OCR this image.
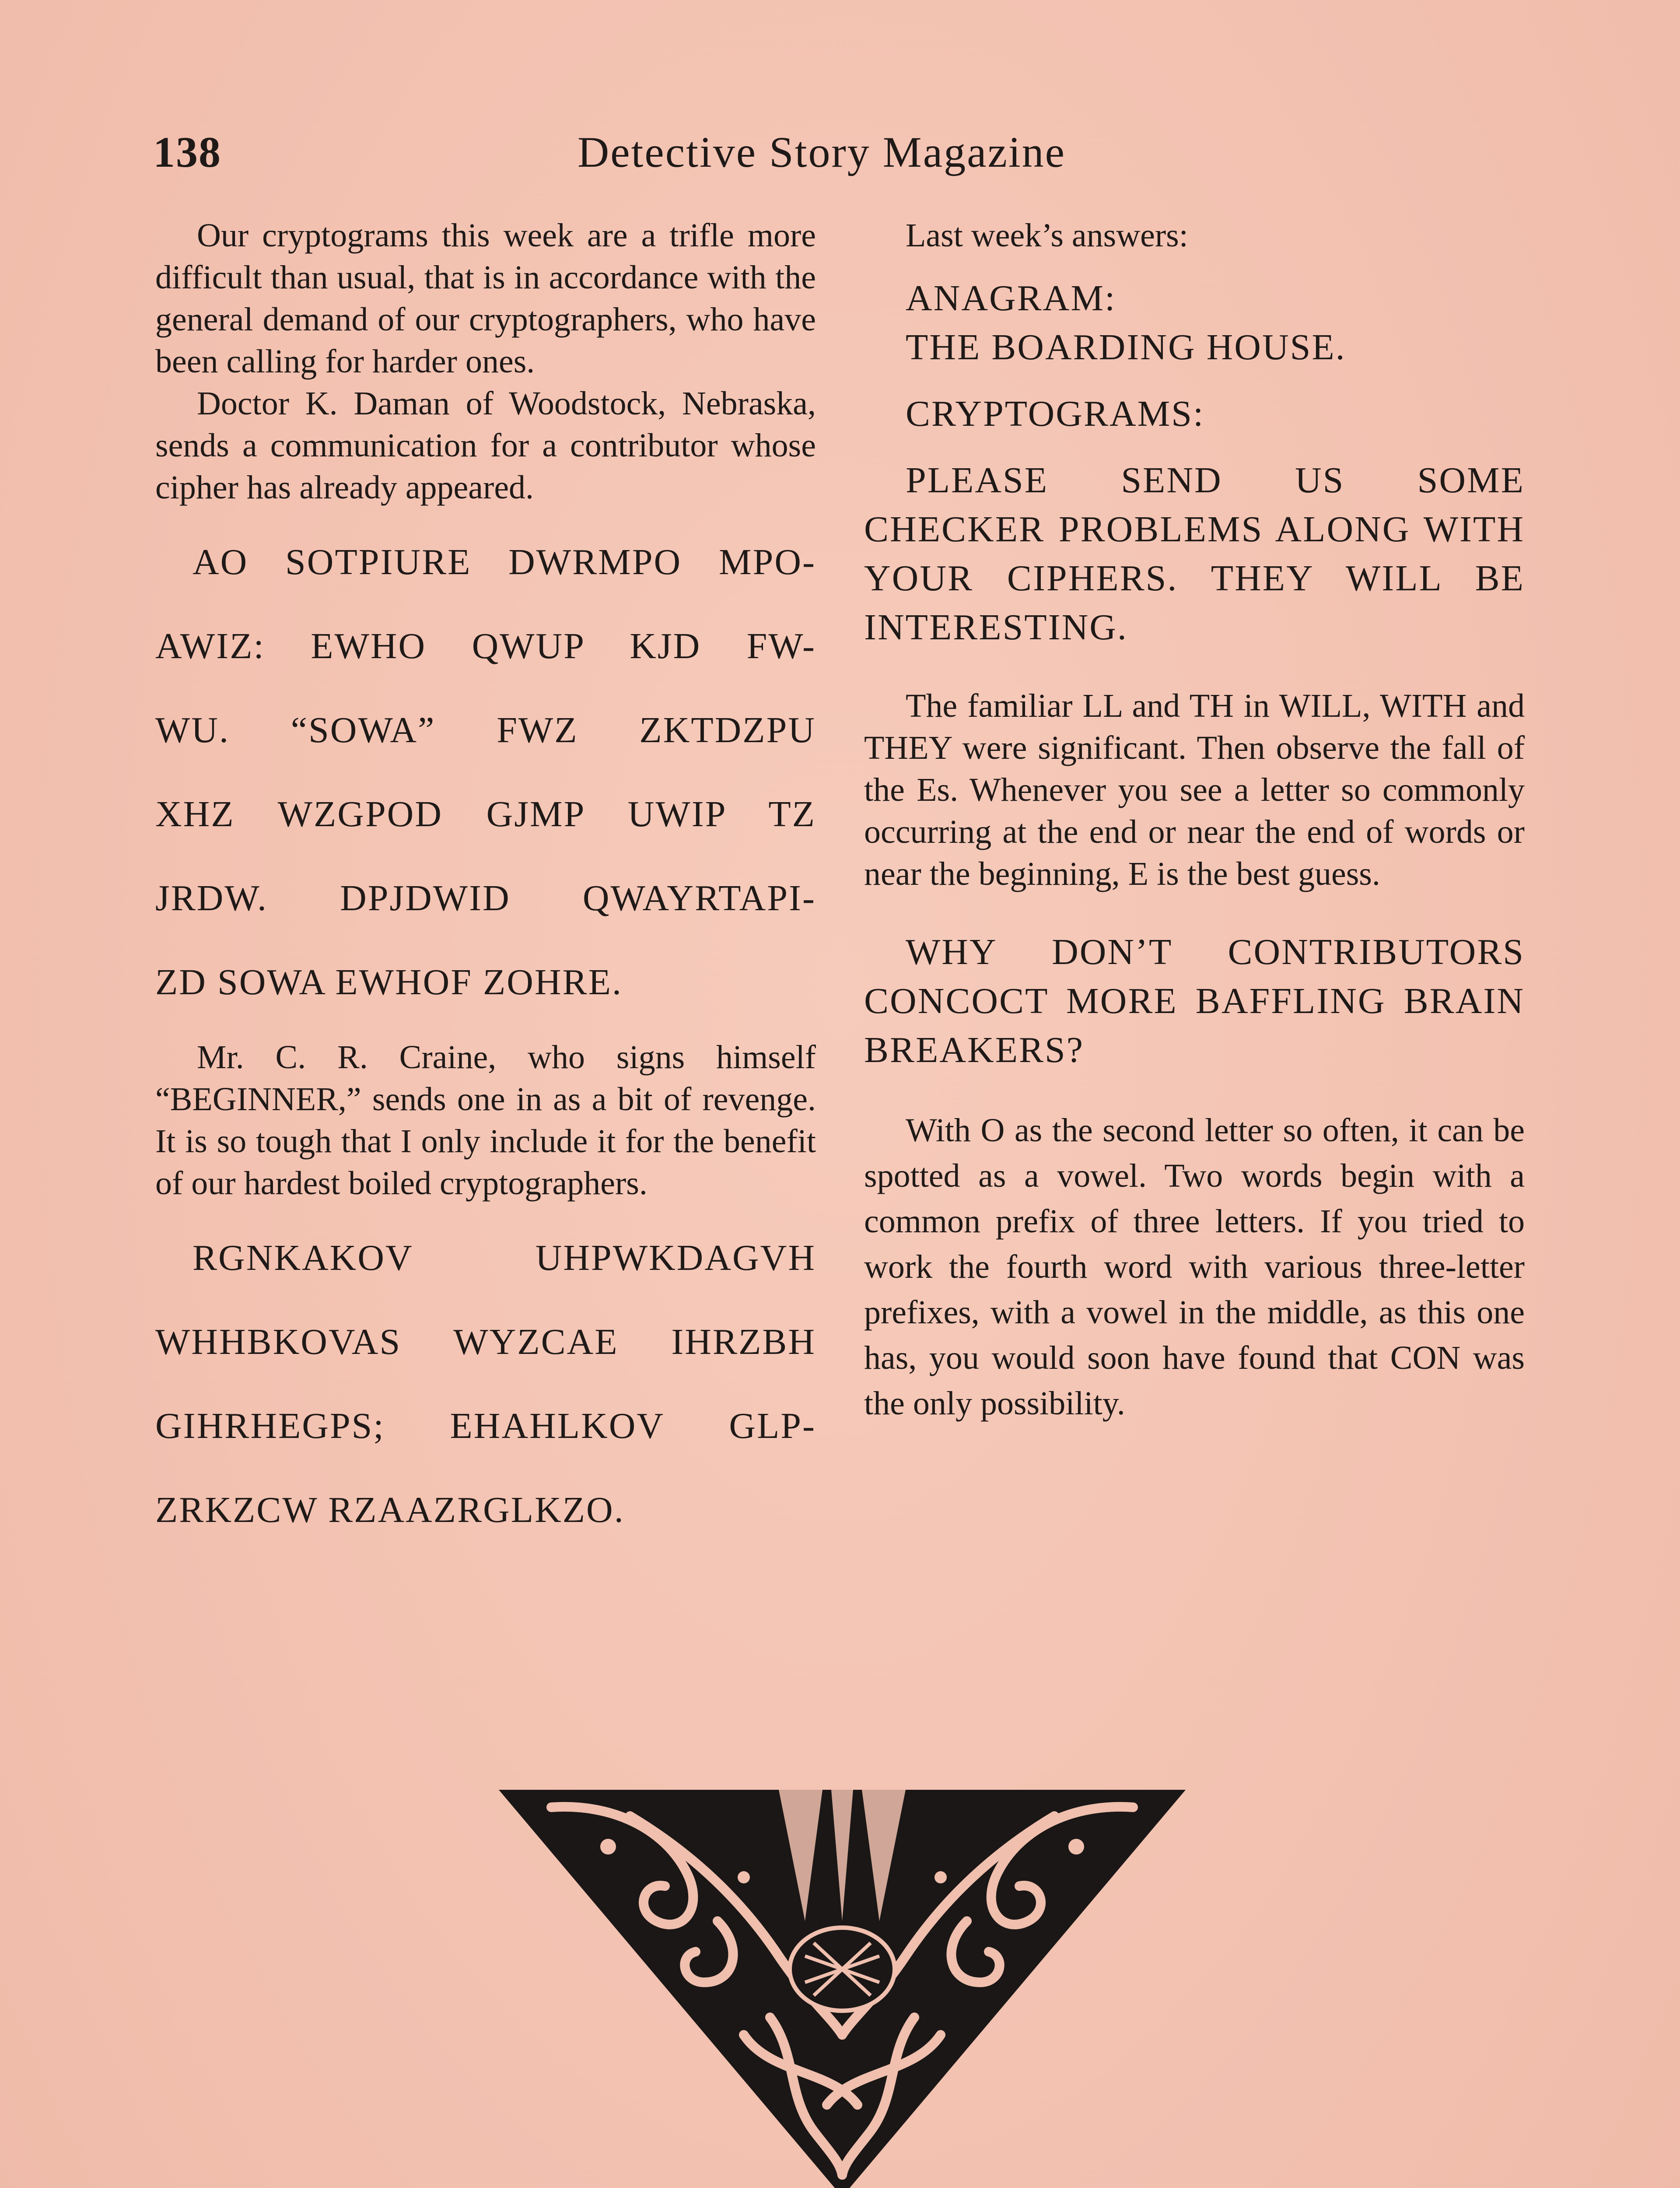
138	Detective Story Magazine

Our cryptograms this week are a trifle more difficult than usual, that is in accordance with the general demand of our cryptographers, who have been calling for harder ones.

Doctor K. Daman of Woodstock, Nebraska, sends a communication for a contributor whose cipher has already appeared.

AO SOTPIURE DWRMPO MPO-

AWIZ: EWHO QWUP KJD FW-

WU. “SOWA” FWZ ZKTDZPU

XHZ WZGPOD GJMP UWIP TZ

JRDW. DPJDWID QWAYRTAPI-

ZD SOWA EWHOF ZOHRE.

Mr. C. R. Craine, who signs himself “BEGINNER,” sends one in as a bit of revenge. It is so tough that I only include it for the benefit of our hardest boiled cryptographers.

RGNKAKOV UHPWKDAGVH

WHHBKOVAS WYZCAE IHRZBH

GIHRHEGPS; EHAHLKOV GLP-

ZRKZCW RZAAZRGLKZO.

Last week’s answers:

ANAGRAM:

THE BOARDING HOUSE.

CRYPTOGRAMS:

PLEASE SEND US SOME CHECKER PROBLEMS ALONG WITH YOUR CIPHERS. THEY WILL BE INTERESTING.

The familiar LL and TH in WILL, WITH and THEY were significant. Then observe the fall of the Es. Whenever you see a letter so commonly occurring at the end or near the end of words or near the beginning, E is the best guess.

WHY DON’T CONTRIBUTORS CONCOCT MORE BAFFLING BRAIN BREAKERS?

With O as the second letter so often, it can be spotted as a vowel. Two words begin with a common prefix of three letters. If you tried to work the fourth word with various three-letter prefixes, with a vowel in the middle, as this one has, you would soon have found that CON was the only possibility.
